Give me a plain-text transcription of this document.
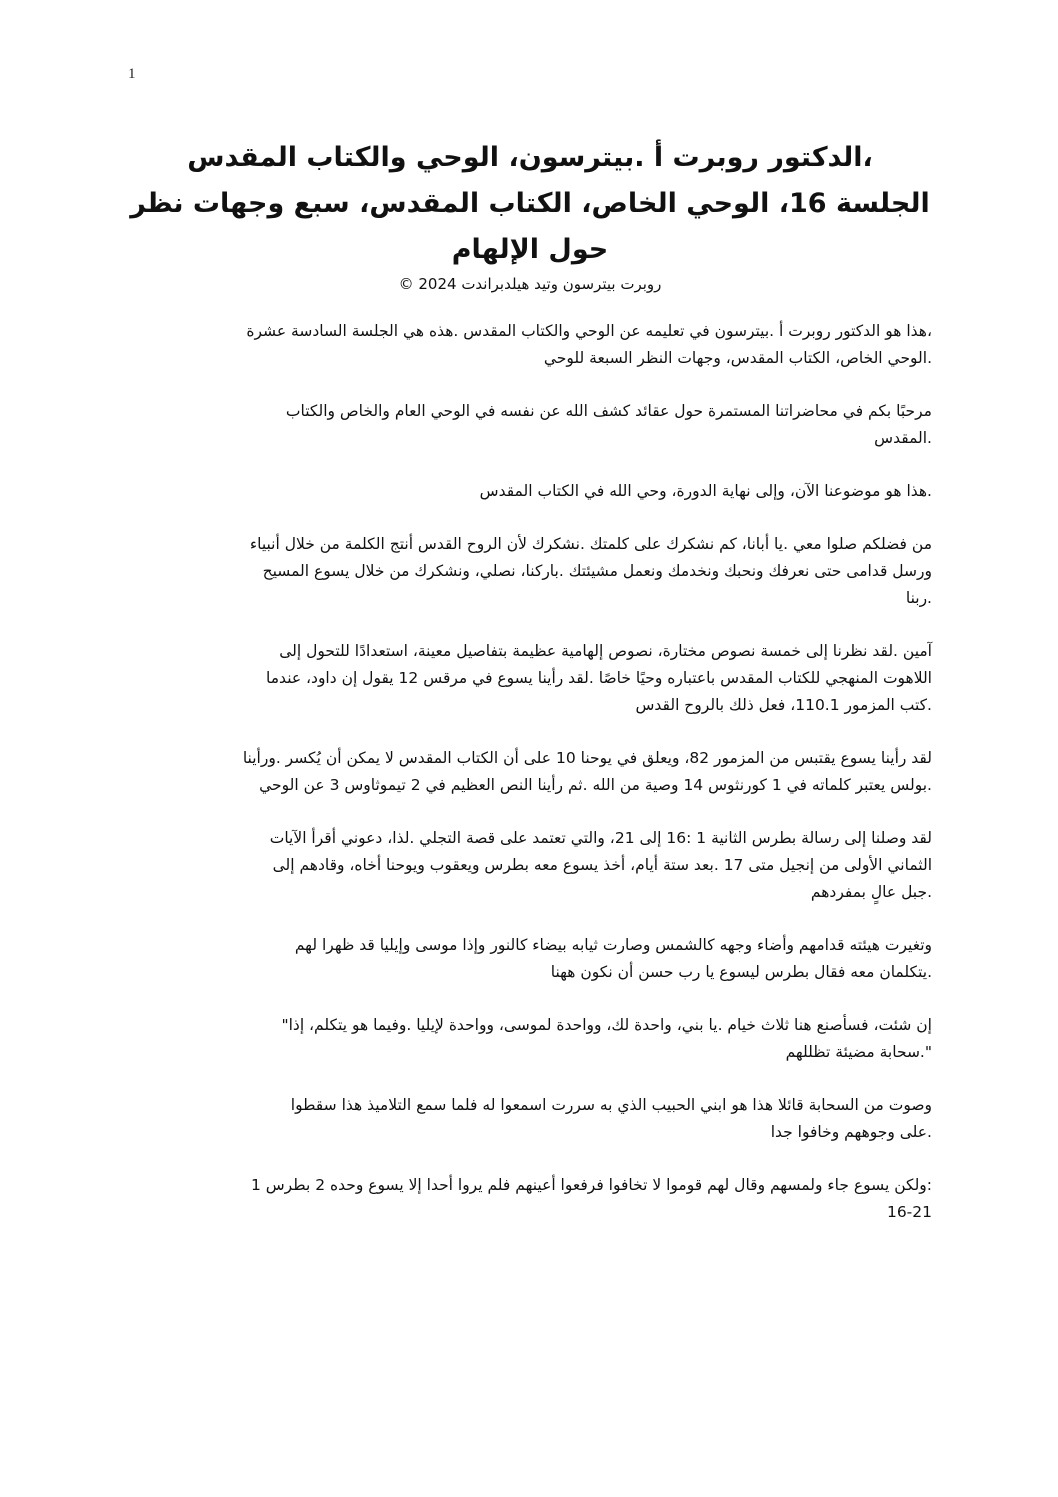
1
،الدكتور روبرت أ .بيترسون، الوحي والكتاب المقدس
الجلسة 16، الوحي الخاص، الكتاب المقدس، سبع وجهات نظر
حول الإلهام
روبرت بيترسون وتيد هيلدبراندت 2024 ©

،هذا هو الدكتور روبرت أ .بيترسون في تعليمه عن الوحي والكتاب المقدس .هذه هي الجلسة السادسة عشرة
.الوحي الخاص، الكتاب المقدس، وجهات النظر السبعة للوحي

مرحبًا بكم في محاضراتنا المستمرة حول عقائد كشف الله عن نفسه في الوحي العام والخاص والكتاب
.المقدس

.هذا هو موضوعنا الآن، وإلى نهاية الدورة، وحي الله في الكتاب المقدس

من فضلكم صلوا معي .يا أبانا، كم نشكرك على كلمتك .نشكرك لأن الروح القدس أنتج الكلمة من خلال أنبياء
ورسل قدامى حتى نعرفك ونحبك ونخدمك ونعمل مشيئتك .باركنا، نصلي، ونشكرك من خلال يسوع المسيح
.ربنا

آمين .لقد نظرنا إلى خمسة نصوص مختارة، نصوص إلهامية عظيمة بتفاصيل معينة، استعدادًا للتحول إلى
اللاهوت المنهجي للكتاب المقدس باعتباره وحيًا خاصًا .لقد رأينا يسوع في مرقس 12 يقول إن داود، عندما
.كتب المزمور 110.1، فعل ذلك بالروح القدس

لقد رأينا يسوع يقتبس من المزمور 82، ويعلق في يوحنا 10 على أن الكتاب المقدس لا يمكن أن يُكسر .ورأينا
.بولس يعتبر كلماته في 1 كورنثوس 14 وصية من الله .ثم رأينا النص العظيم في 2 تيموثاوس 3 عن الوحي

لقد وصلنا إلى رسالة بطرس الثانية 1 :16 إلى 21، والتي تعتمد على قصة التجلي .لذا، دعوني أقرأ الآيات
الثماني الأولى من إنجيل متى 17 .بعد ستة أيام، أخذ يسوع معه بطرس ويعقوب ويوحنا أخاه، وقادهم إلى
.جبل عالٍ بمفردهم

وتغيرت هيئته قدامهم وأضاء وجهه كالشمس وصارت ثيابه بيضاء كالنور وإذا موسى وإيليا قد ظهرا لهم
.يتكلمان معه فقال بطرس ليسوع يا رب حسن أن نكون ههنا

إن شئت، فسأصنع هنا ثلاث خيام .يا بني، واحدة لك، وواحدة لموسى، وواحدة لإيليا .وفيما هو يتكلم، إذا"
".سحابة مضيئة تظللهم

وصوت من السحابة قائلا هذا هو ابني الحبيب الذي به سررت اسمعوا له فلما سمع التلاميذ هذا سقطوا
.على وجوههم وخافوا جدا

:ولكن يسوع جاء ولمسهم وقال لهم قوموا لا تخافوا فرفعوا أعينهم فلم يروا أحدا إلا يسوع وحده 2 بطرس 1
16-21
